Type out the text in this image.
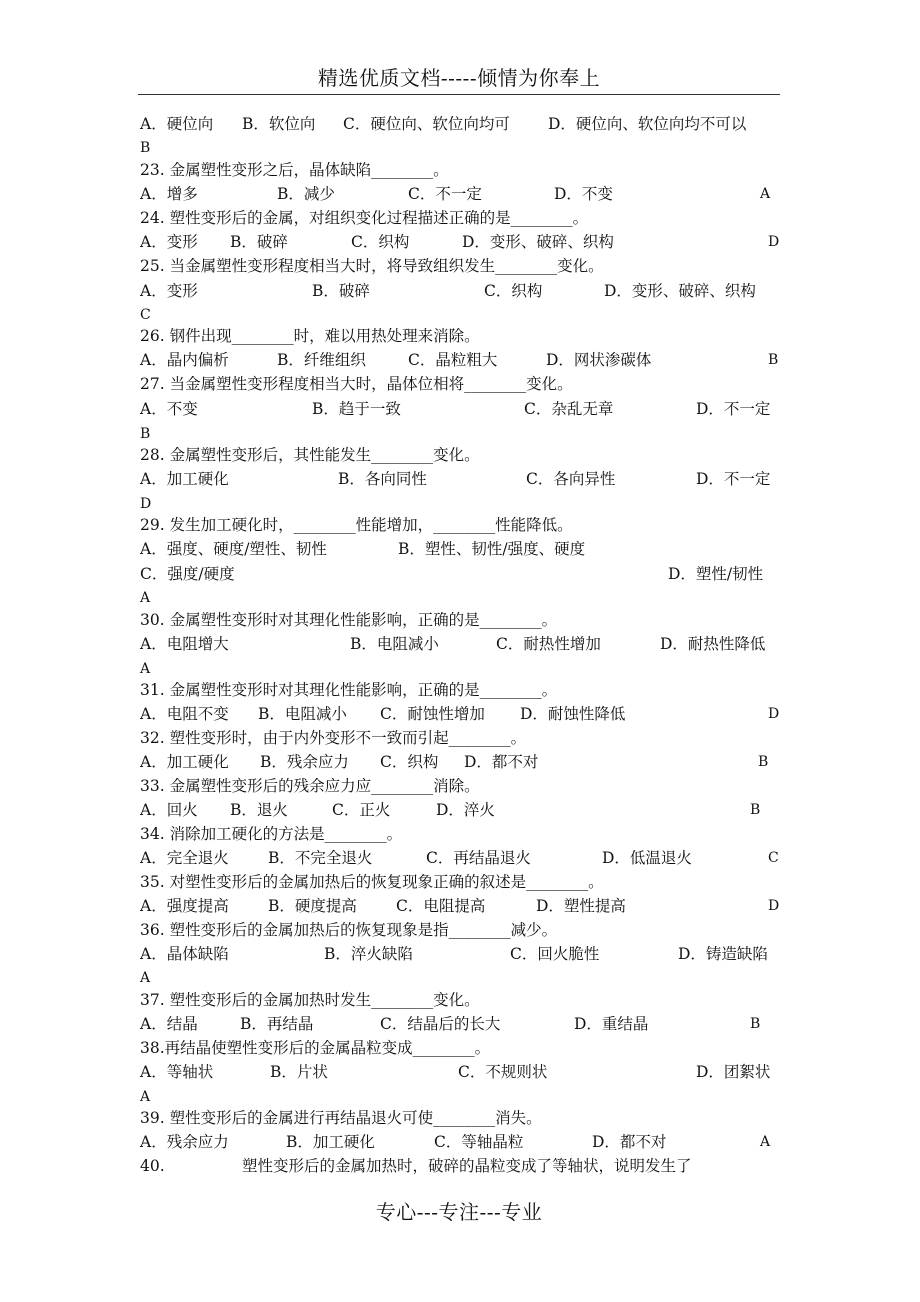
精选优质文档-----倾情为你奉上
A．硬位向 B．软位向 C．硬位向、软位向均可 D．硬位向、软位向均不可以
B
23. 金属塑性变形之后，晶体缺陷________。
A．增多	B．减少	C．不一定	D．不变	A
24. 塑性变形后的金属，对组织变化过程描述正确的是________。
A．变形 B．破碎	C．织构	D．变形、破碎、织构	D
25. 当金属塑性变形程度相当大时，将导致组织发生________变化。
A．变形	B．破碎	C．织构	D．变形、破碎、织构
C
26. 钢件出现________时，难以用热处理来消除。
A．晶内偏析	B．纤维组织	C．晶粒粗大	D．网状渗碳体	B
27. 当金属塑性变形程度相当大时，晶体位相将________变化。
A．不变	B．趋于一致	C．杂乱无章	D．不一定
B
28. 金属塑性变形后，其性能发生________变化。
A．加工硬化	B．各向同性	C．各向异性	D．不一定
D
29. 发生加工硬化时，________性能增加，________性能降低。
A．强度、硬度/塑性、韧性	B．塑性、韧性/强度、硬度
C．强度/硬度	D．塑性/韧性
A
30. 金属塑性变形时对其理化性能影响，正确的是________。
A．电阻增大	B．电阻减小	C．耐热性增加	D．耐热性降低
A
31. 金属塑性变形时对其理化性能影响，正确的是________。
A．电阻不变 B．电阻减小 C．耐蚀性增加 D．耐蚀性降低	D
32. 塑性变形时，由于内外变形不一致而引起________。
A．加工硬化 B．残余应力 C．织构 D．都不对	B
33. 金属塑性变形后的残余应力应________消除。
A．回火 B．退火	C．正火	D．淬火	B
34. 消除加工硬化的方法是________。
A．完全退火	B．不完全退火	C．再结晶退火	D．低温退火	C
35. 对塑性变形后的金属加热后的恢复现象正确的叙述是________。
A．强度提高	B．硬度提高	C．电阻提高	D．塑性提高	D
36. 塑性变形后的金属加热后的恢复现象是指________减少。
A．晶体缺陷	B．淬火缺陷	C．回火脆性	D．铸造缺陷
A
37. 塑性变形后的金属加热时发生________变化。
A．结晶	B．再结晶	C．结晶后的长大	D．重结晶	B
38.再结晶使塑性变形后的金属晶粒变成________。
A．等轴状	B．片状	C．不规则状	D．团絮状
A
39. 塑性变形后的金属进行再结晶退火可使________消失。
A．残余应力	B．加工硬化	C．等轴晶粒	D．都不对	A
40.	塑性变形后的金属加热时，破碎的晶粒变成了等轴状，说明发生了
专心---专注---专业
